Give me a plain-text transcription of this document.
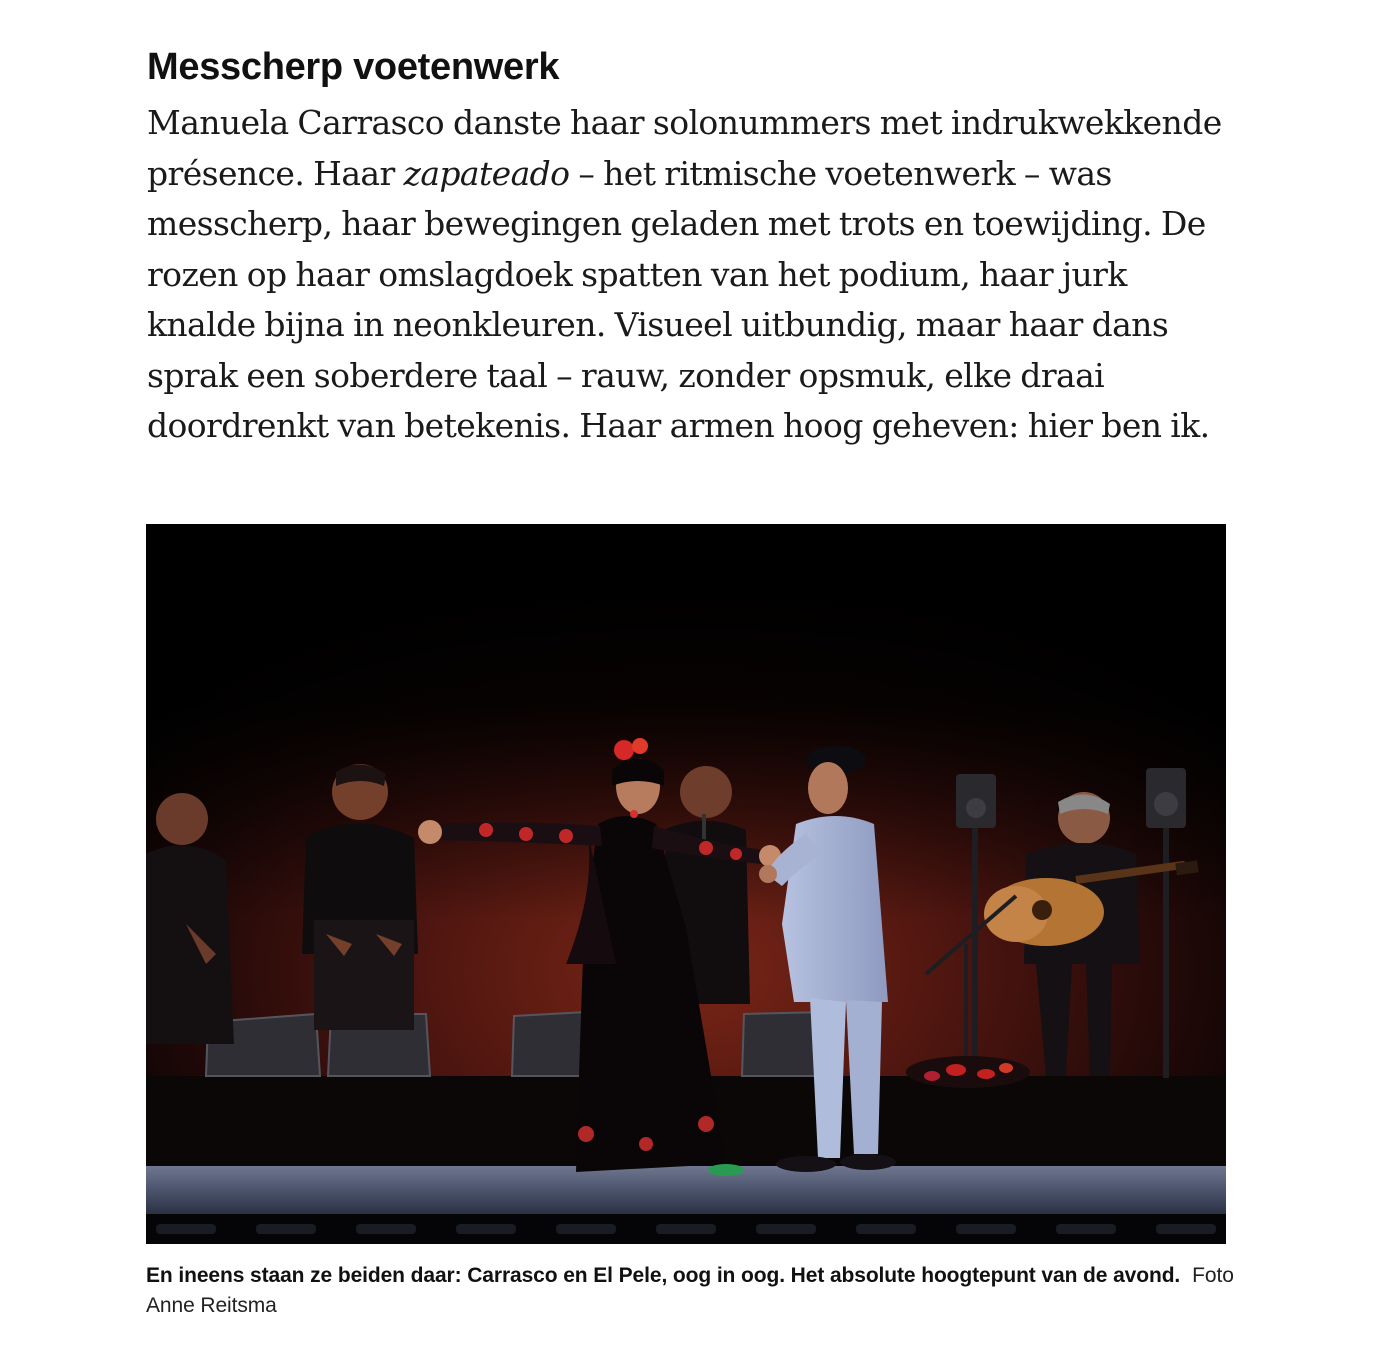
Messcherp voetenwerk

Manuela Carrasco danste haar solonummers met indrukwekkende présence. Haar zapateado – het ritmische voetenwerk – was messcherp, haar bewegingen geladen met trots en toewijding. De rozen op haar omslagdoek spatten van het podium, haar jurk knalde bijna in neonkleuren. Visueel uitbundig, maar haar dans sprak een soberdere taal – rauw, zonder opsmuk, elke draai doordrenkt van betekenis. Haar armen hoog geheven: hier ben ik.

En ineens staan ze beiden daar: Carrasco en El Pele, oog in oog. Het absolute hoogtepunt van de avond. Foto Anne Reitsma
